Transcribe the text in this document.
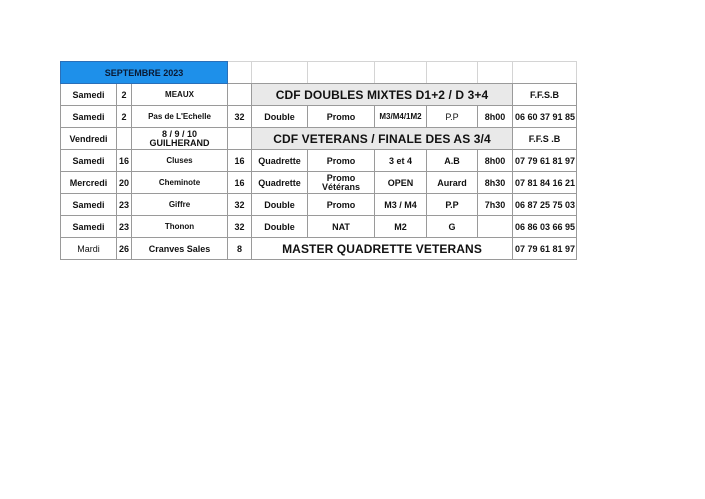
SEPTEMBRE 2023									
Samedi	2	MEAUX		CDF DOUBLES MIXTES D1+2 / D 3+4					F.F.S.B
Samedi	2	Pas de L'Echelle	32	Double	Promo	M3/M4/1M2	P.P	8h00	06 60 37 91 85
Vendredi		8 / 9 / 10 GUILHERAND		CDF VETERANS / FINALE DES AS 3/4					F.F.S .B
Samedi	16	Cluses	16	Quadrette	Promo	3 et 4	A.B	8h00	07 79 61 81 97
Mercredi	20	Cheminote	16	Quadrette	Promo Vétérans	OPEN	Aurard	8h30	07 81 84 16 21
Samedi	23	Giffre	32	Double	Promo	M3 / M4	P.P	7h30	06 87 25 75 03
Samedi	23	Thonon	32	Double	NAT	M2	G		06 86 03 66 95
Mardi	26	Cranves Sales	8	MASTER QUADRETTE VETERANS					07 79 61 81 97
